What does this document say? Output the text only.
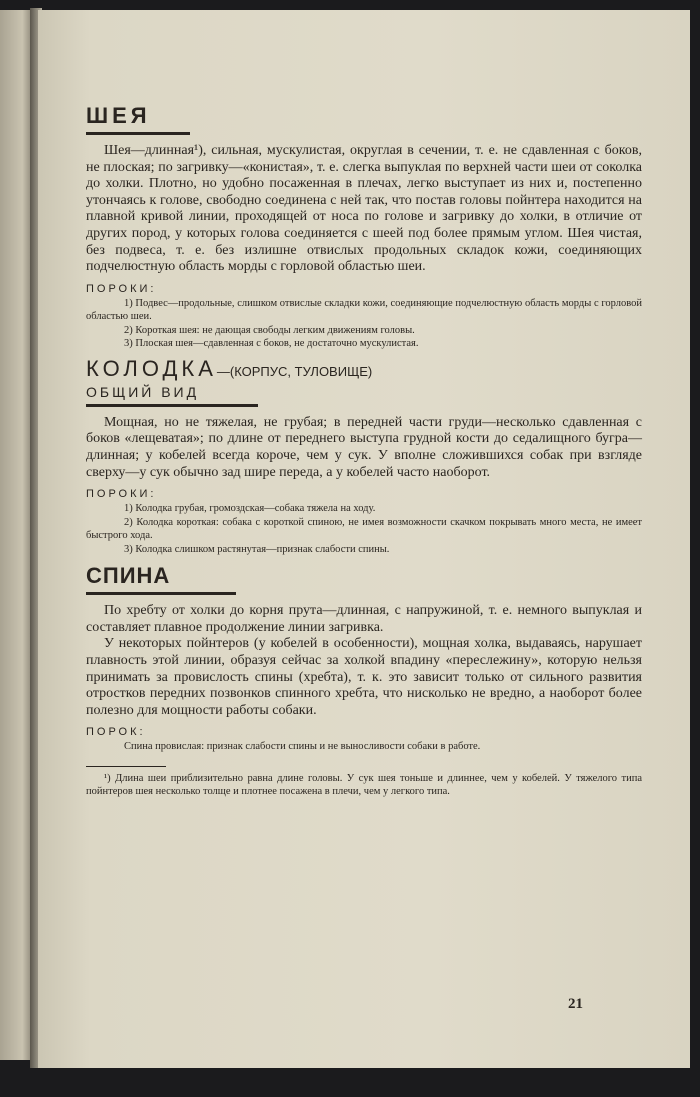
ШЕЯ

Шея—длинная¹), сильная, мускулистая, округлая в сечении, т. е. не сдавленная с боков, не плоская; по загривку—«конистая», т. е. слегка выпуклая по верхней части шеи от соколка до холки. Плотно, но удобно посаженная в плечах, легко выступает из них и, постепенно утончаясь к голове, свободно соединена с ней так, что постав головы пойнтера находится на плавной кривой линии, проходящей от носа по голове и загривку до холки, в отличие от других пород, у которых голова соединяется с шеей под более прямым углом. Шея чистая, без подвеса, т. е. без излишне отвислых продольных складок кожи, соединяющих подчелюстную область морды с горловой областью шеи.

ПОРОКИ:

1) Подвес—продольные, слишком отвислые складки кожи, соединяющие подчелюстную область морды с горловой областью шеи.

2) Короткая шея: не дающая свободы легким движениям головы.

3) Плоская шея—сдавленная с боков, не достаточно мускулистая.

КОЛОДКА—(КОРПУС, ТУЛОВИЩЕ)
ОБЩИЙ ВИД

Мощная, но не тяжелая, не грубая; в передней части груди—несколько сдавленная с боков «лещеватая»; по длине от переднего выступа грудной кости до седалищного бугра—длинная; у кобелей всегда короче, чем у сук. У вполне сложившихся собак при взгляде сверху—у сук обычно зад шире переда, а у кобелей часто наоборот.

ПОРОКИ:

1) Колодка грубая, громоздская—собака тяжела на ходу.

2) Колодка короткая: собака с короткой спиною, не имея возможности скачком покрывать много места, не имеет быстрого хода.

3) Колодка слишком растянутая—признак слабости спины.

СПИНА

По хребту от холки до корня прута—длинная, с напружиной, т. е. немного выпуклая и составляет плавное продолжение линии загривка.

У некоторых пойнтеров (у кобелей в особенности), мощная холка, выдаваясь, нарушает плавность этой линии, образуя сейчас за холкой впадину «переслежину», которую нельзя принимать за провислость спины (хребта), т. к. это зависит только от сильного развития отростков передних позвонков спинного хребта, что нисколько не вредно, а наоборот более полезно для мощности работы собаки.

ПОРОК:

Спина провислая: признак слабости спины и не выносливости собаки в работе.

¹) Длина шеи приблизительно равна длине головы. У сук шея тоньше и длиннее, чем у кобелей. У тяжелого типа пойнтеров шея несколько толще и плотнее посажена в плечи, чем у легкого типа.

21
